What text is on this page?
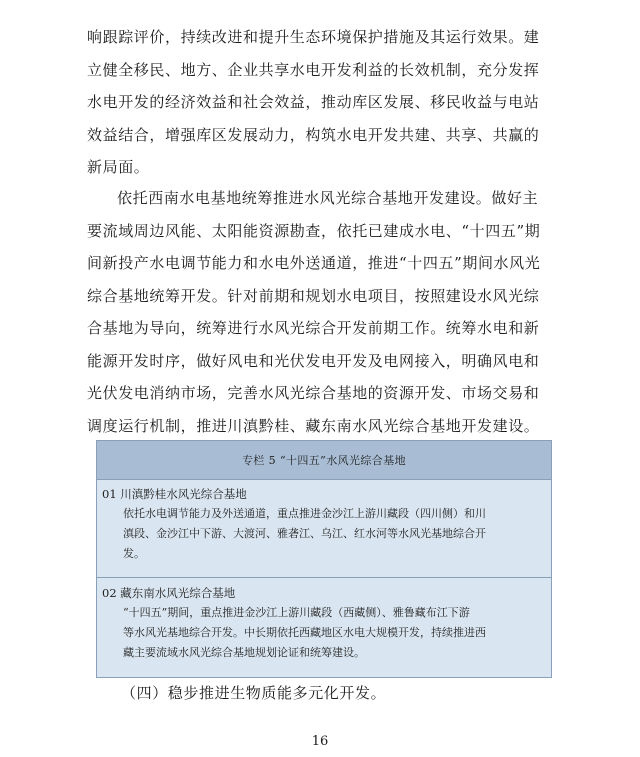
响跟踪评价，持续改进和提升生态环境保护措施及其运行效果。建
立健全移民、地方、企业共享水电开发利益的长效机制，充分发挥
水电开发的经济效益和社会效益，推动库区发展、移民收益与电站
效益结合，增强库区发展动力，构筑水电开发共建、共享、共赢的
新局面。
依托西南水电基地统筹推进水风光综合基地开发建设。做好主
要流域周边风能、太阳能资源勘查，依托已建成水电、“十四五”期
间新投产水电调节能力和水电外送通道，推进“十四五”期间水风光
综合基地统筹开发。针对前期和规划水电项目，按照建设水风光综
合基地为导向，统筹进行水风光综合开发前期工作。统筹水电和新
能源开发时序，做好风电和光伏发电开发及电网接入，明确风电和
光伏发电消纳市场，完善水风光综合基地的资源开发、市场交易和
调度运行机制，推进川滇黔桂、藏东南水风光综合基地开发建设。
专栏 5 “十四五”水风光综合基地
01 川滇黔桂水风光综合基地
依托水电调节能力及外送通道，重点推进金沙江上游川藏段（四川侧）和川
滇段、金沙江中下游、大渡河、雅砻江、乌江、红水河等水风光基地综合开
发。
02 藏东南水风光综合基地
“十四五”期间，重点推进金沙江上游川藏段（西藏侧）、雅鲁藏布江下游
等水风光基地综合开发。中长期依托西藏地区水电大规模开发，持续推进西
藏主要流域水风光综合基地规划论证和统筹建设。
（四）稳步推进生物质能多元化开发。
16
